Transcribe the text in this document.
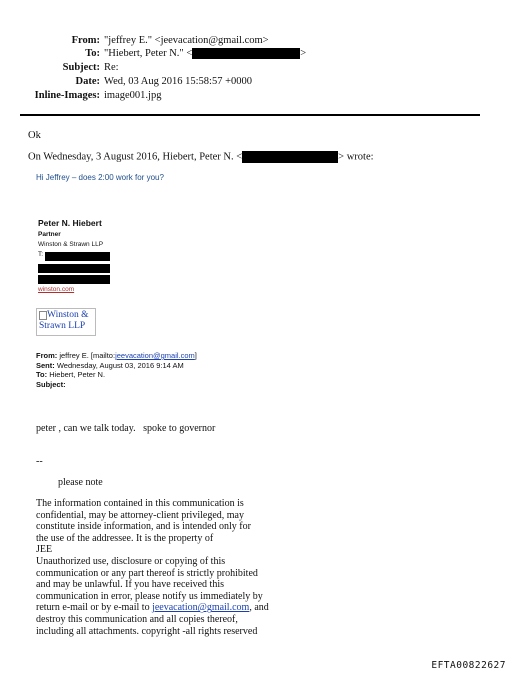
From: "jeffrey E." <jeevacation@gmail.com>
To: "Hiebert, Peter N." <	>
Subject: Re:
Date: Wed, 03 Aug 2016 15:58:57 +0000
Inline-Images: image001.jpg
Ok
On Wednesday, 3 August 2016, Hiebert, Peter N. <	> wrote:
Hi Jeffrey – does 2:00 work for you?
Peter N. Hiebert
Partner
Winston & Strawn LLP
T:
winston.com
Winston & Strawn LLP
From: jeffrey E. [mailto:jeevacation@gmail.com]
Sent: Wednesday, August 03, 2016 9:14 AM
To: Hiebert, Peter N.
Subject:
peter , can we talk today.   spoke to governor
--
please note
The information contained in this communication is
confidential, may be attorney-client privileged, may
constitute inside information, and is intended only for
the use of the addressee. It is the property of
JEE
Unauthorized use, disclosure or copying of this
communication or any part thereof is strictly prohibited
and may be unlawful. If you have received this
communication in error, please notify us immediately by
return e-mail or by e-mail to jeevacation@gmail.com, and
destroy this communication and all copies thereof,
including all attachments. copyright -all rights reserved
EFTA00822627
